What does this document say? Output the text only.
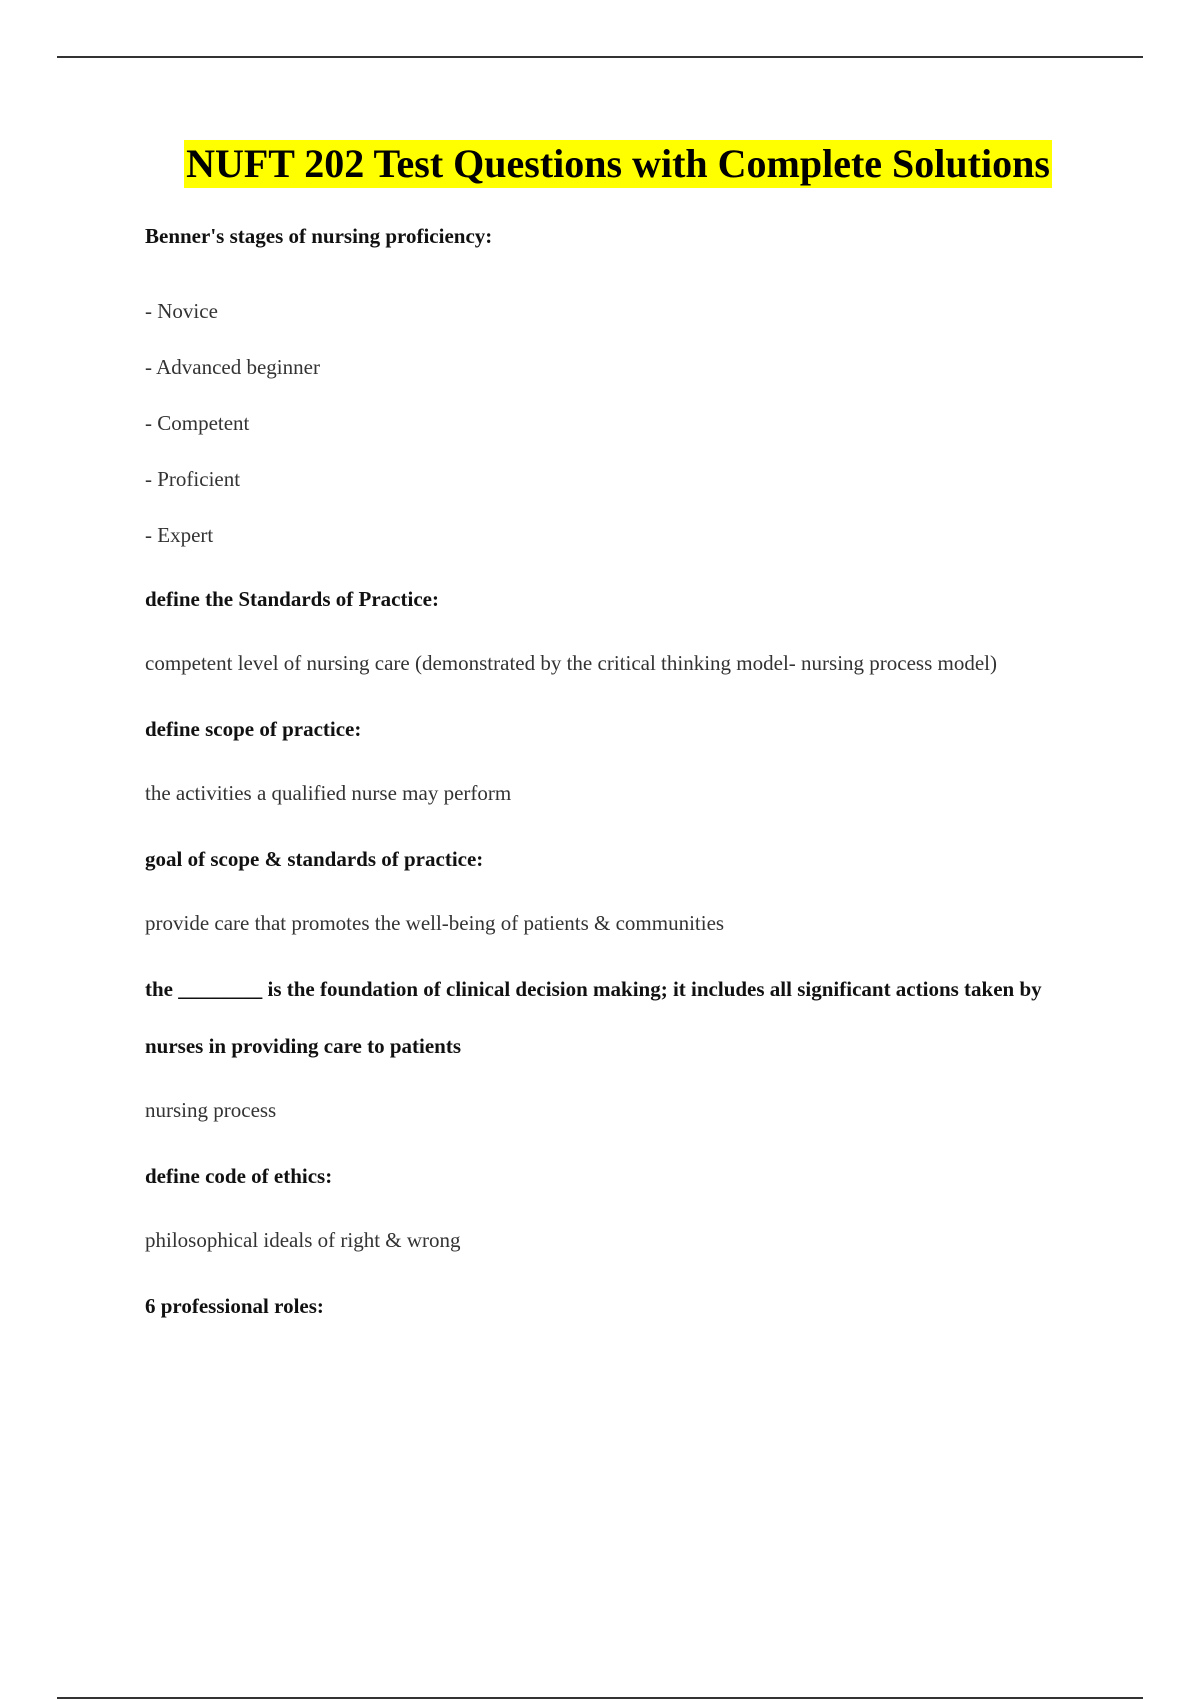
NUFT 202 Test Questions with Complete Solutions

Benner's stages of nursing proficiency:

- Novice
- Advanced beginner
- Competent
- Proficient
- Expert

define the Standards of Practice:

competent level of nursing care (demonstrated by the critical thinking model- nursing process model)

define scope of practice:

the activities a qualified nurse may perform

goal of scope & standards of practice:

provide care that promotes the well-being of patients & communities

the ________ is the foundation of clinical decision making; it includes all significant actions taken by nurses in providing care to patients

nursing process

define code of ethics:

philosophical ideals of right & wrong

6 professional roles:
